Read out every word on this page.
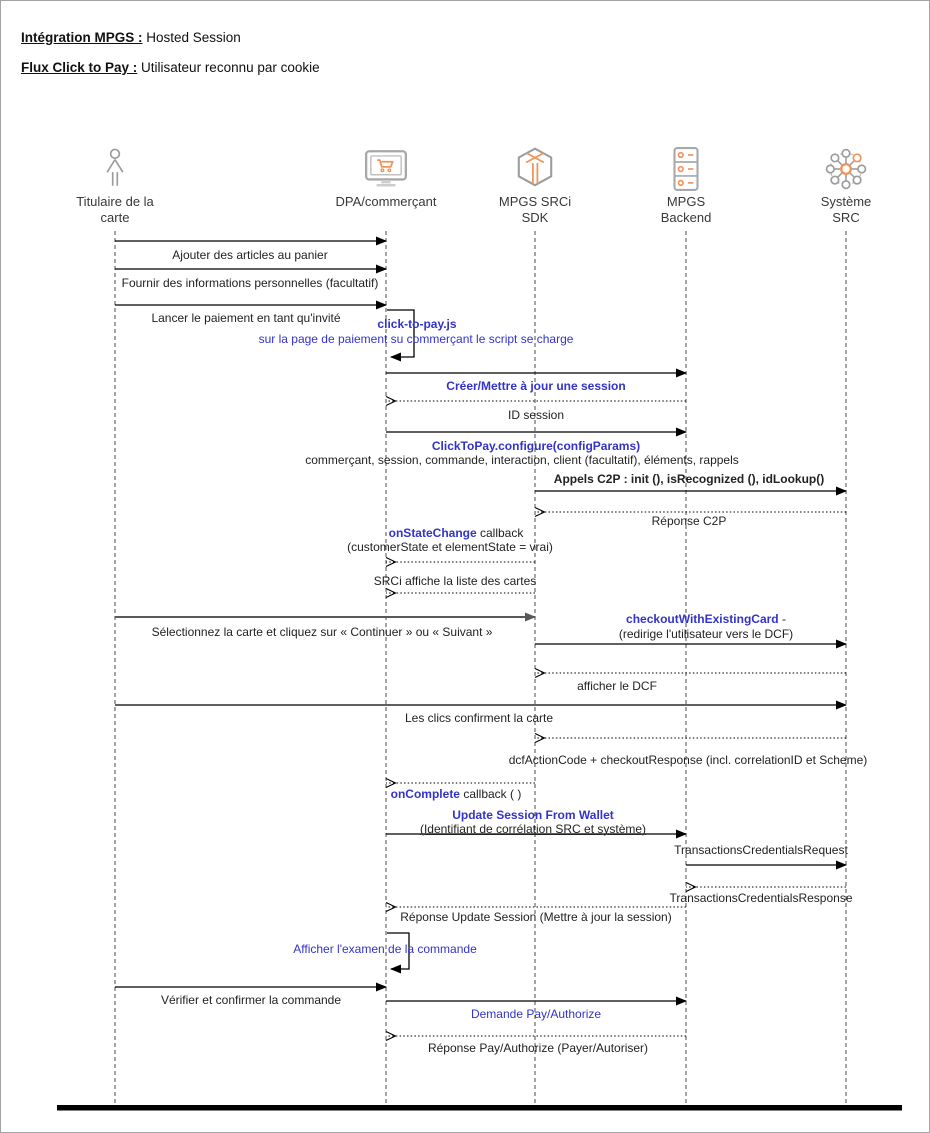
Intégration MPGS : Hosted Session
Flux Click to Pay : Utilisateur reconnu par cookie
Titulaire de la carte
DPA/commerçant	MPGS SRCi SDK
MPGS Backend
Système SRC
Ajouter des articles au panier
Fournir des informations personnelles (facultatif)
Lancer le paiement en tant qu'invité	click-to-pay.js
sur la page de paiement su commerçant le script se charge
Créer/Mettre à jour une session
ID session
ClickToPay.configure(configParams)
commerçant, session, commande, interaction, client (facultatif), éléments, rappels
Appels C2P : init (), isRecognized (), idLookup()
Réponse C2P
onStateChange callback
(customerState et elementState = vrai)
SRCi affiche la liste des cartes
Sélectionnez la carte et cliquez sur « Continuer » ou « Suivant »
checkoutWithExistingCard -
(redirige l'utilisateur vers le DCF)
afficher le DCF
Les clics confirment la carte
dcfActionCode + checkoutResponse (incl. correlationID et Scheme)
onComplete callback ( )
Update Session From Wallet
(Identifiant de corrélation SRC et système)
TransactionsCredentialsRequest
TransactionsCredentialsResponse
Réponse Update Session (Mettre à jour la session)
Afficher l'examen de la commande
Vérifier et confirmer la commande
Demande Pay/Authorize
Réponse Pay/Authorize (Payer/Autoriser)
